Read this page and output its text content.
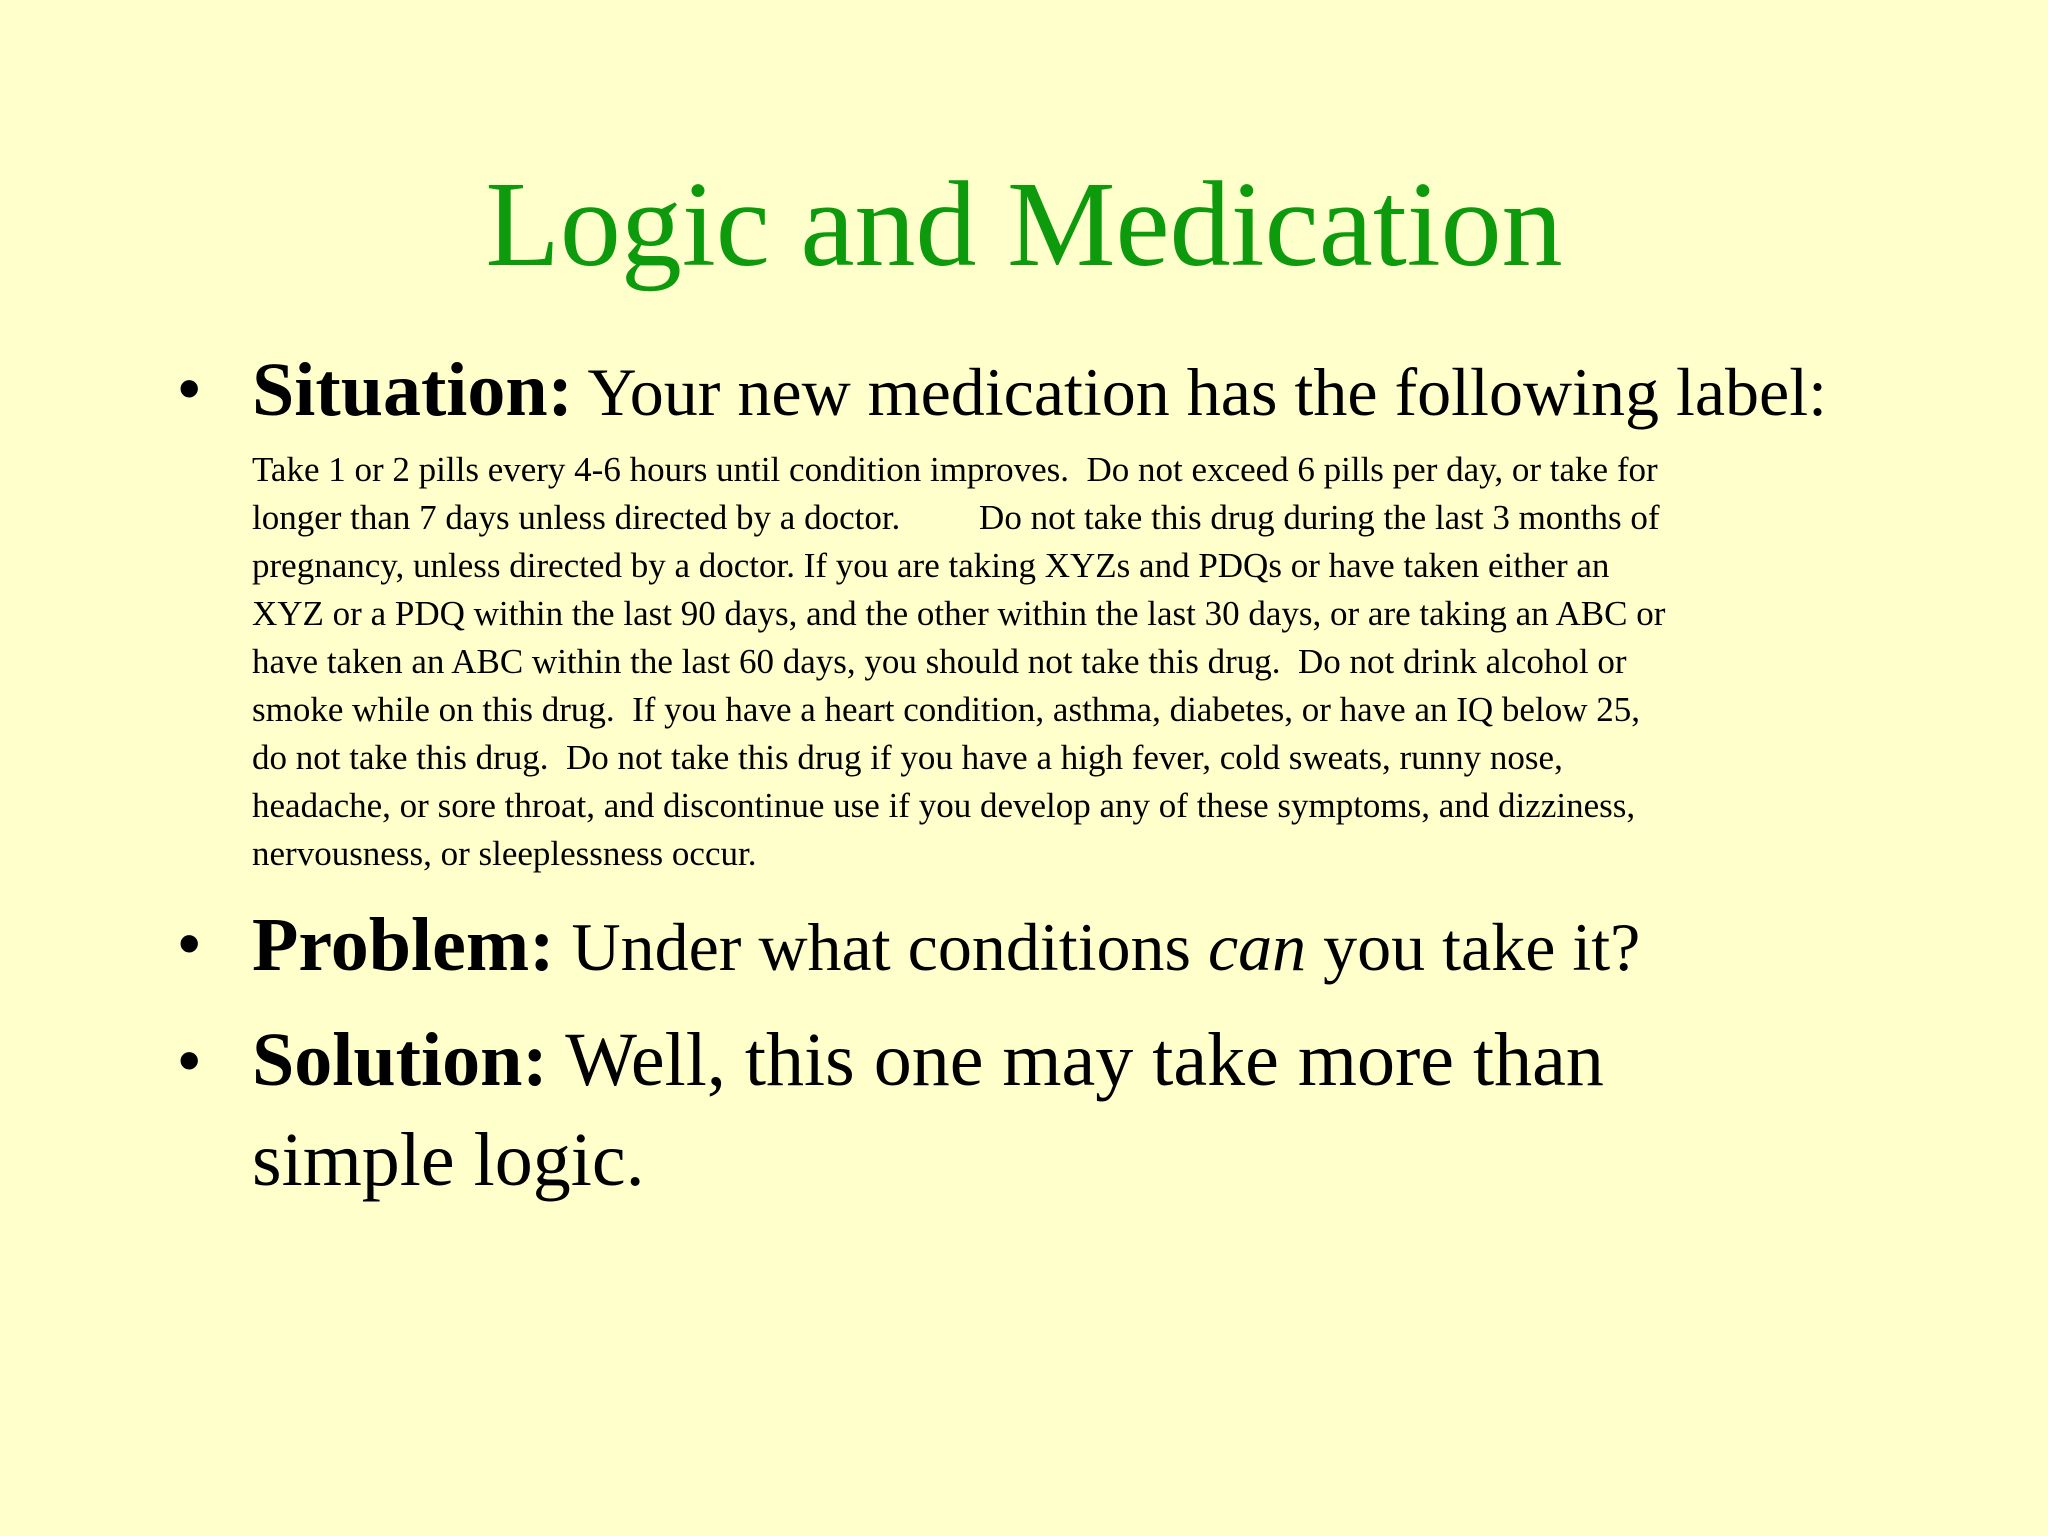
Logic and Medication
• Situation: Your new medication has the following label:
Take 1 or 2 pills every 4-6 hours until condition improves.  Do not exceed 6 pills per day, or take for
longer than 7 days unless directed by a doctor.         Do not take this drug during the last 3 months of
pregnancy, unless directed by a doctor. If you are taking XYZs and PDQs or have taken either an
XYZ or a PDQ within the last 90 days, and the other within the last 30 days, or are taking an ABC or
have taken an ABC within the last 60 days, you should not take this drug.  Do not drink alcohol or
smoke while on this drug.  If you have a heart condition, asthma, diabetes, or have an IQ below 25,
do not take this drug.  Do not take this drug if you have a high fever, cold sweats, runny nose,
headache, or sore throat, and discontinue use if you develop any of these symptoms, and dizziness,
nervousness, or sleeplessness occur.
• Problem: Under what conditions can you take it?
• Solution: Well, this one may take more than
simple logic.
